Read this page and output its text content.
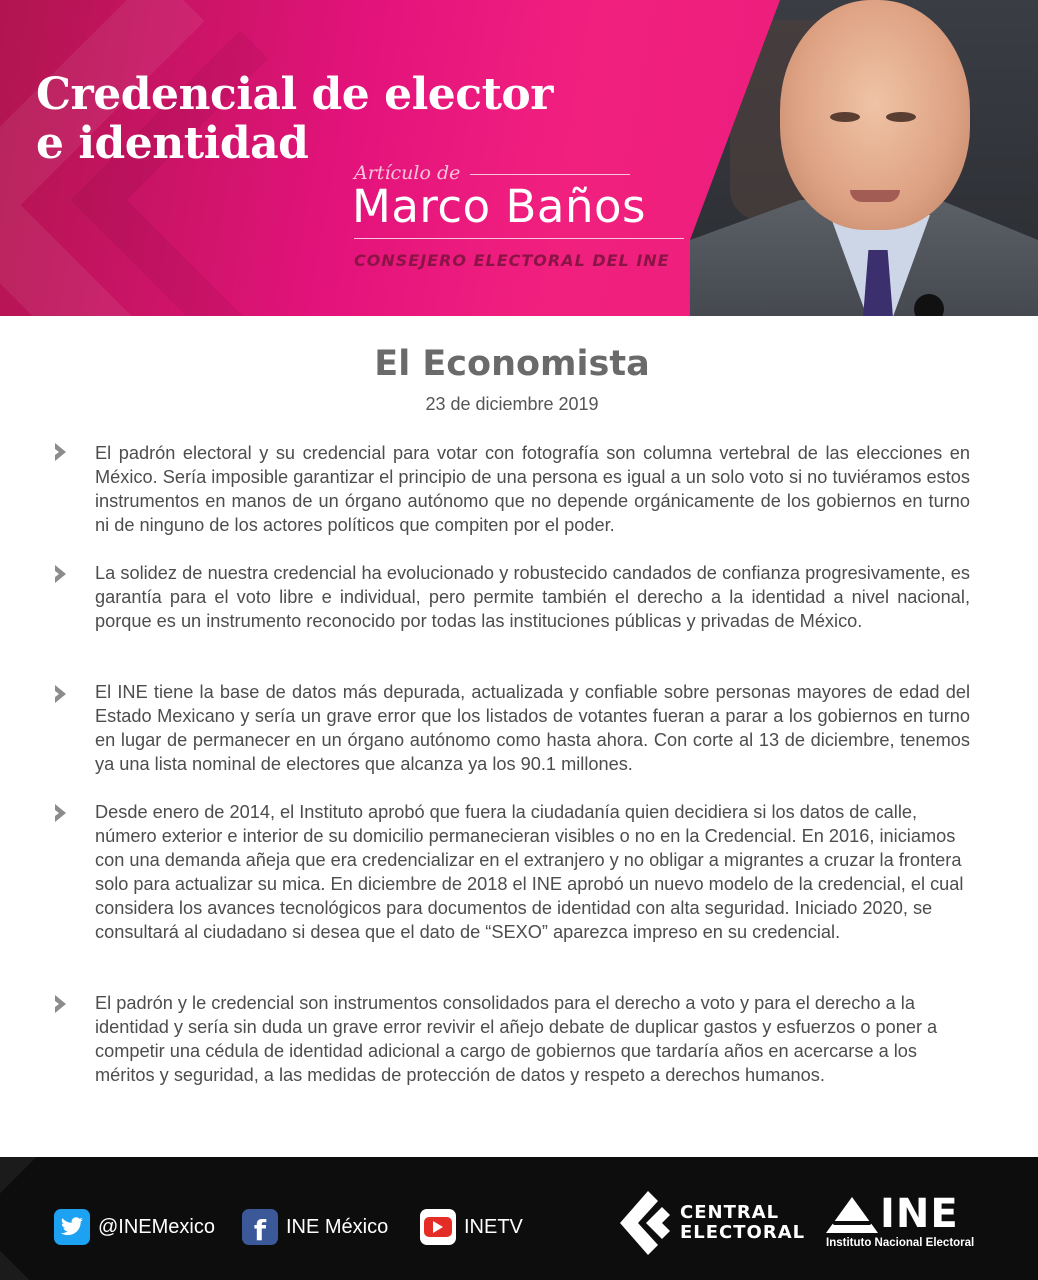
Credencial de elector
e identidad
Artículo de
Marco Baños
CONSEJERO ELECTORAL DEL INE
El Economista
23 de diciembre 2019

El padrón electoral y su credencial para votar con fotografía son columna vertebral de las elecciones en México. Sería imposible garantizar el principio de una persona es igual a un solo voto si no tuviéramos estos instrumentos en manos de un órgano autónomo que no depende orgánicamente de los gobiernos en turno ni de ninguno de los actores políticos que compiten por el poder.

La solidez de nuestra credencial ha evolucionado y robustecido candados de confianza progresivamente, es garantía para el voto libre e individual, pero permite también el derecho a la identidad a nivel nacional, porque es un instrumento reconocido por todas las instituciones públicas y privadas de México.

El INE tiene la base de datos más depurada, actualizada y confiable sobre personas mayores de edad del Estado Mexicano y sería un grave error que los listados de votantes fueran a parar a los gobiernos en turno en lugar de permanecer en un órgano autónomo como hasta ahora. Con corte al 13 de diciembre, tenemos ya una lista nominal de electores que alcanza ya los 90.1 millones.

Desde enero de 2014, el Instituto aprobó que fuera la ciudadanía quien decidiera si los datos de calle, número exterior e interior de su domicilio permanecieran visibles o no en la Credencial. En 2016, iniciamos con una demanda añeja que era credencializar en el extranjero y no obligar a migrantes a cruzar la frontera solo para actualizar su mica. En diciembre de 2018 el INE aprobó un nuevo modelo de la credencial, el cual considera los avances tecnológicos para documentos de identidad con alta seguridad. Iniciado 2020, se consultará al ciudadano si desea que el dato de “SEXO” aparezca impreso en su credencial.

El padrón y le credencial son instrumentos consolidados para el derecho a voto y para el derecho a la identidad y sería sin duda un grave error revivir el añejo debate de duplicar gastos y esfuerzos o poner a competir una cédula de identidad adicional a cargo de gobiernos que tardaría años en acercarse a los méritos y seguridad, a las medidas de protección de datos y respeto a derechos humanos.

@INEMexico f INE México	INETV
CENTRAL
ELECTORAL INE
Instituto Nacional Electoral
